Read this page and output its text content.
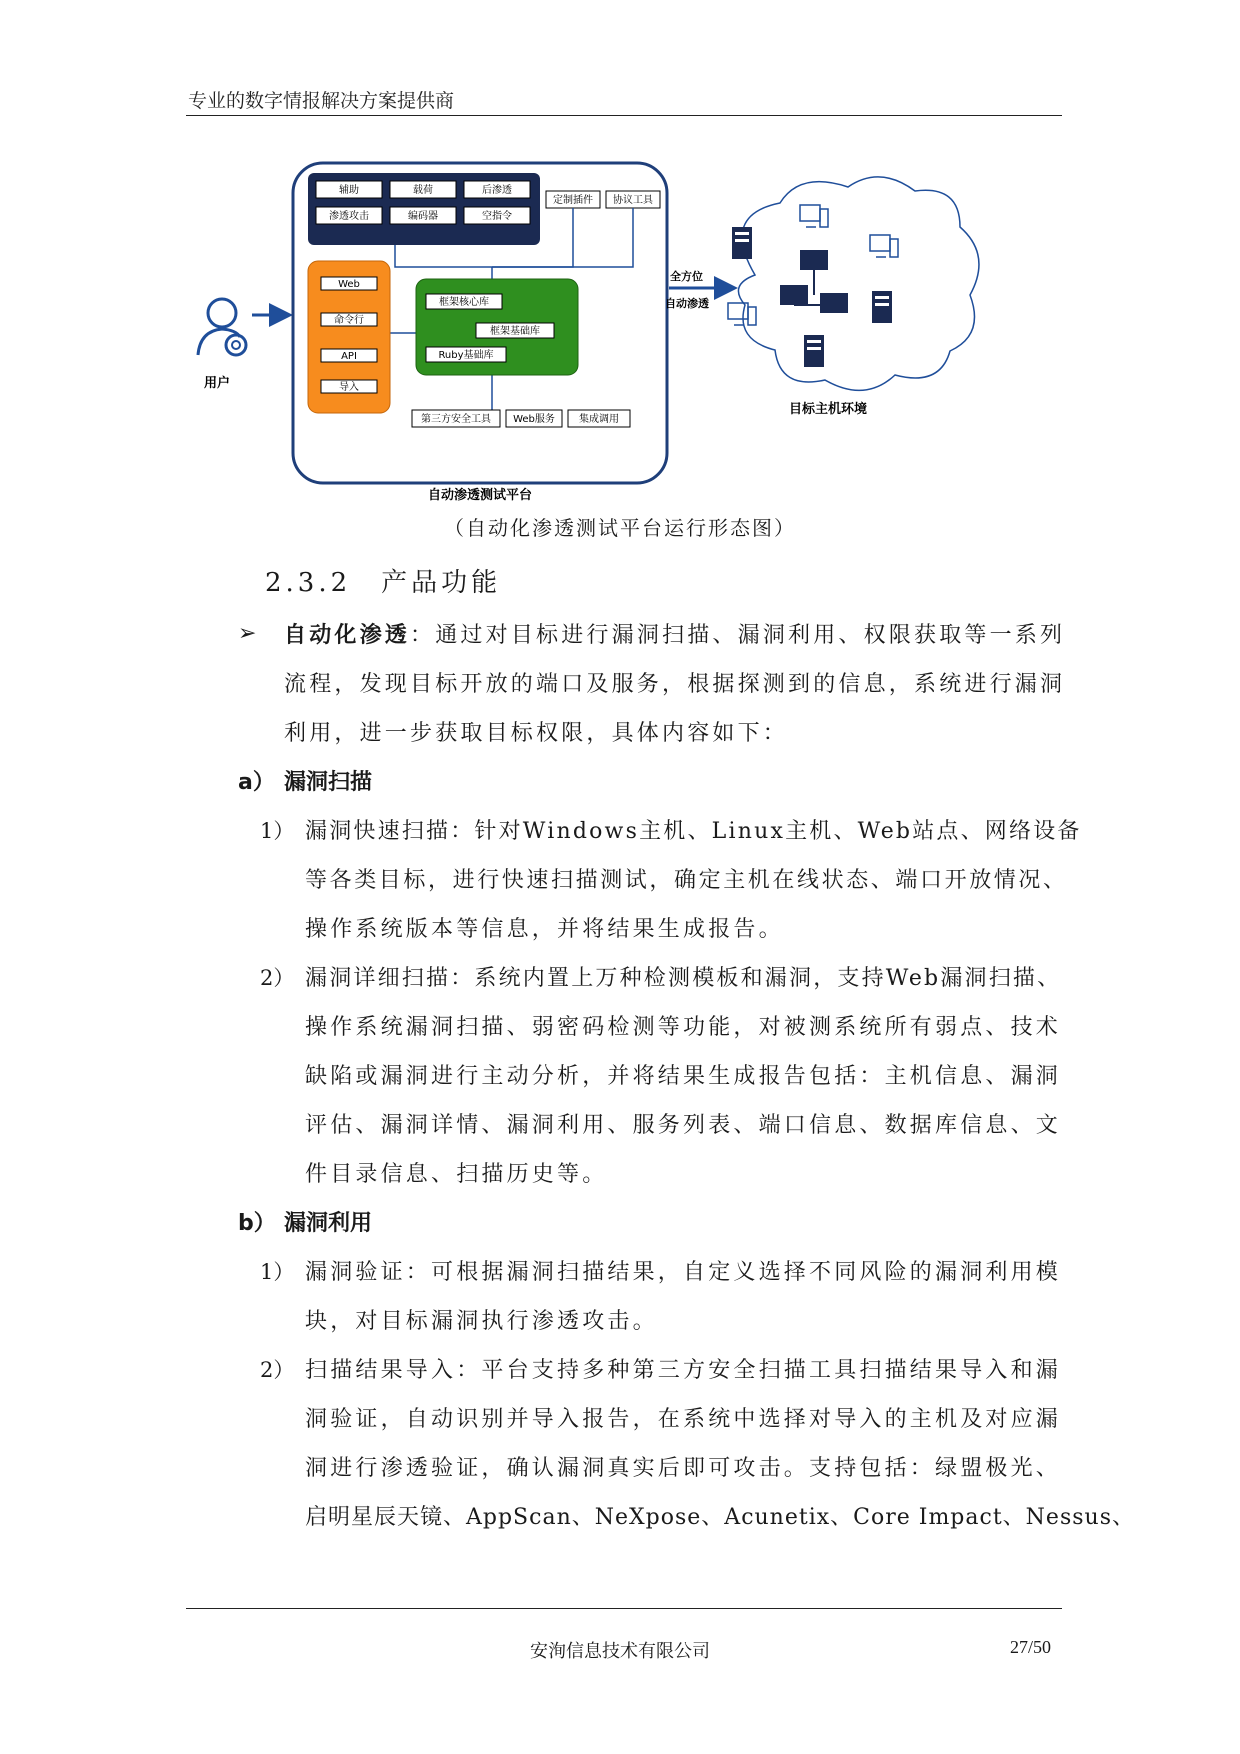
专业的数字情报解决方案提供商
用户
辅助	载荷	后渗透
渗透攻击	编码器	空指令
定制插件 协议工具
Web
命令行
API
导入
框架核心库
框架基础库
Ruby基础库
第三方安全工具 Web服务 集成调用
自动渗透测试平台
全方位
自动渗透
目标主机环境
（自动化渗透测试平台运行形态图）
2.3.2　产品功能
➢ 自动化渗透：通过对目标进行漏洞扫描、漏洞利用、权限获取等一系列
流程，发现目标开放的端口及服务，根据探测到的信息，系统进行漏洞
利用，进一步获取目标权限，具体内容如下：
a） 漏洞扫描
1） 漏洞快速扫描：针对Windows主机、Linux主机、Web站点、网络设备
等各类目标，进行快速扫描测试，确定主机在线状态、端口开放情况、
操作系统版本等信息，并将结果生成报告。
2） 漏洞详细扫描：系统内置上万种检测模板和漏洞，支持Web漏洞扫描、
操作系统漏洞扫描、弱密码检测等功能，对被测系统所有弱点、技术
缺陷或漏洞进行主动分析，并将结果生成报告包括：主机信息、漏洞
评估、漏洞详情、漏洞利用、服务列表、端口信息、数据库信息、文
件目录信息、扫描历史等。
b） 漏洞利用
1） 漏洞验证：可根据漏洞扫描结果，自定义选择不同风险的漏洞利用模
块，对目标漏洞执行渗透攻击。
2） 扫描结果导入：平台支持多种第三方安全扫描工具扫描结果导入和漏
洞验证，自动识别并导入报告，在系统中选择对导入的主机及对应漏
洞进行渗透验证，确认漏洞真实后即可攻击。支持包括：绿盟极光、
启明星辰天镜、AppScan、NeXpose、Acunetix、Core Impact、Nessus、
安洵信息技术有限公司	27/50
